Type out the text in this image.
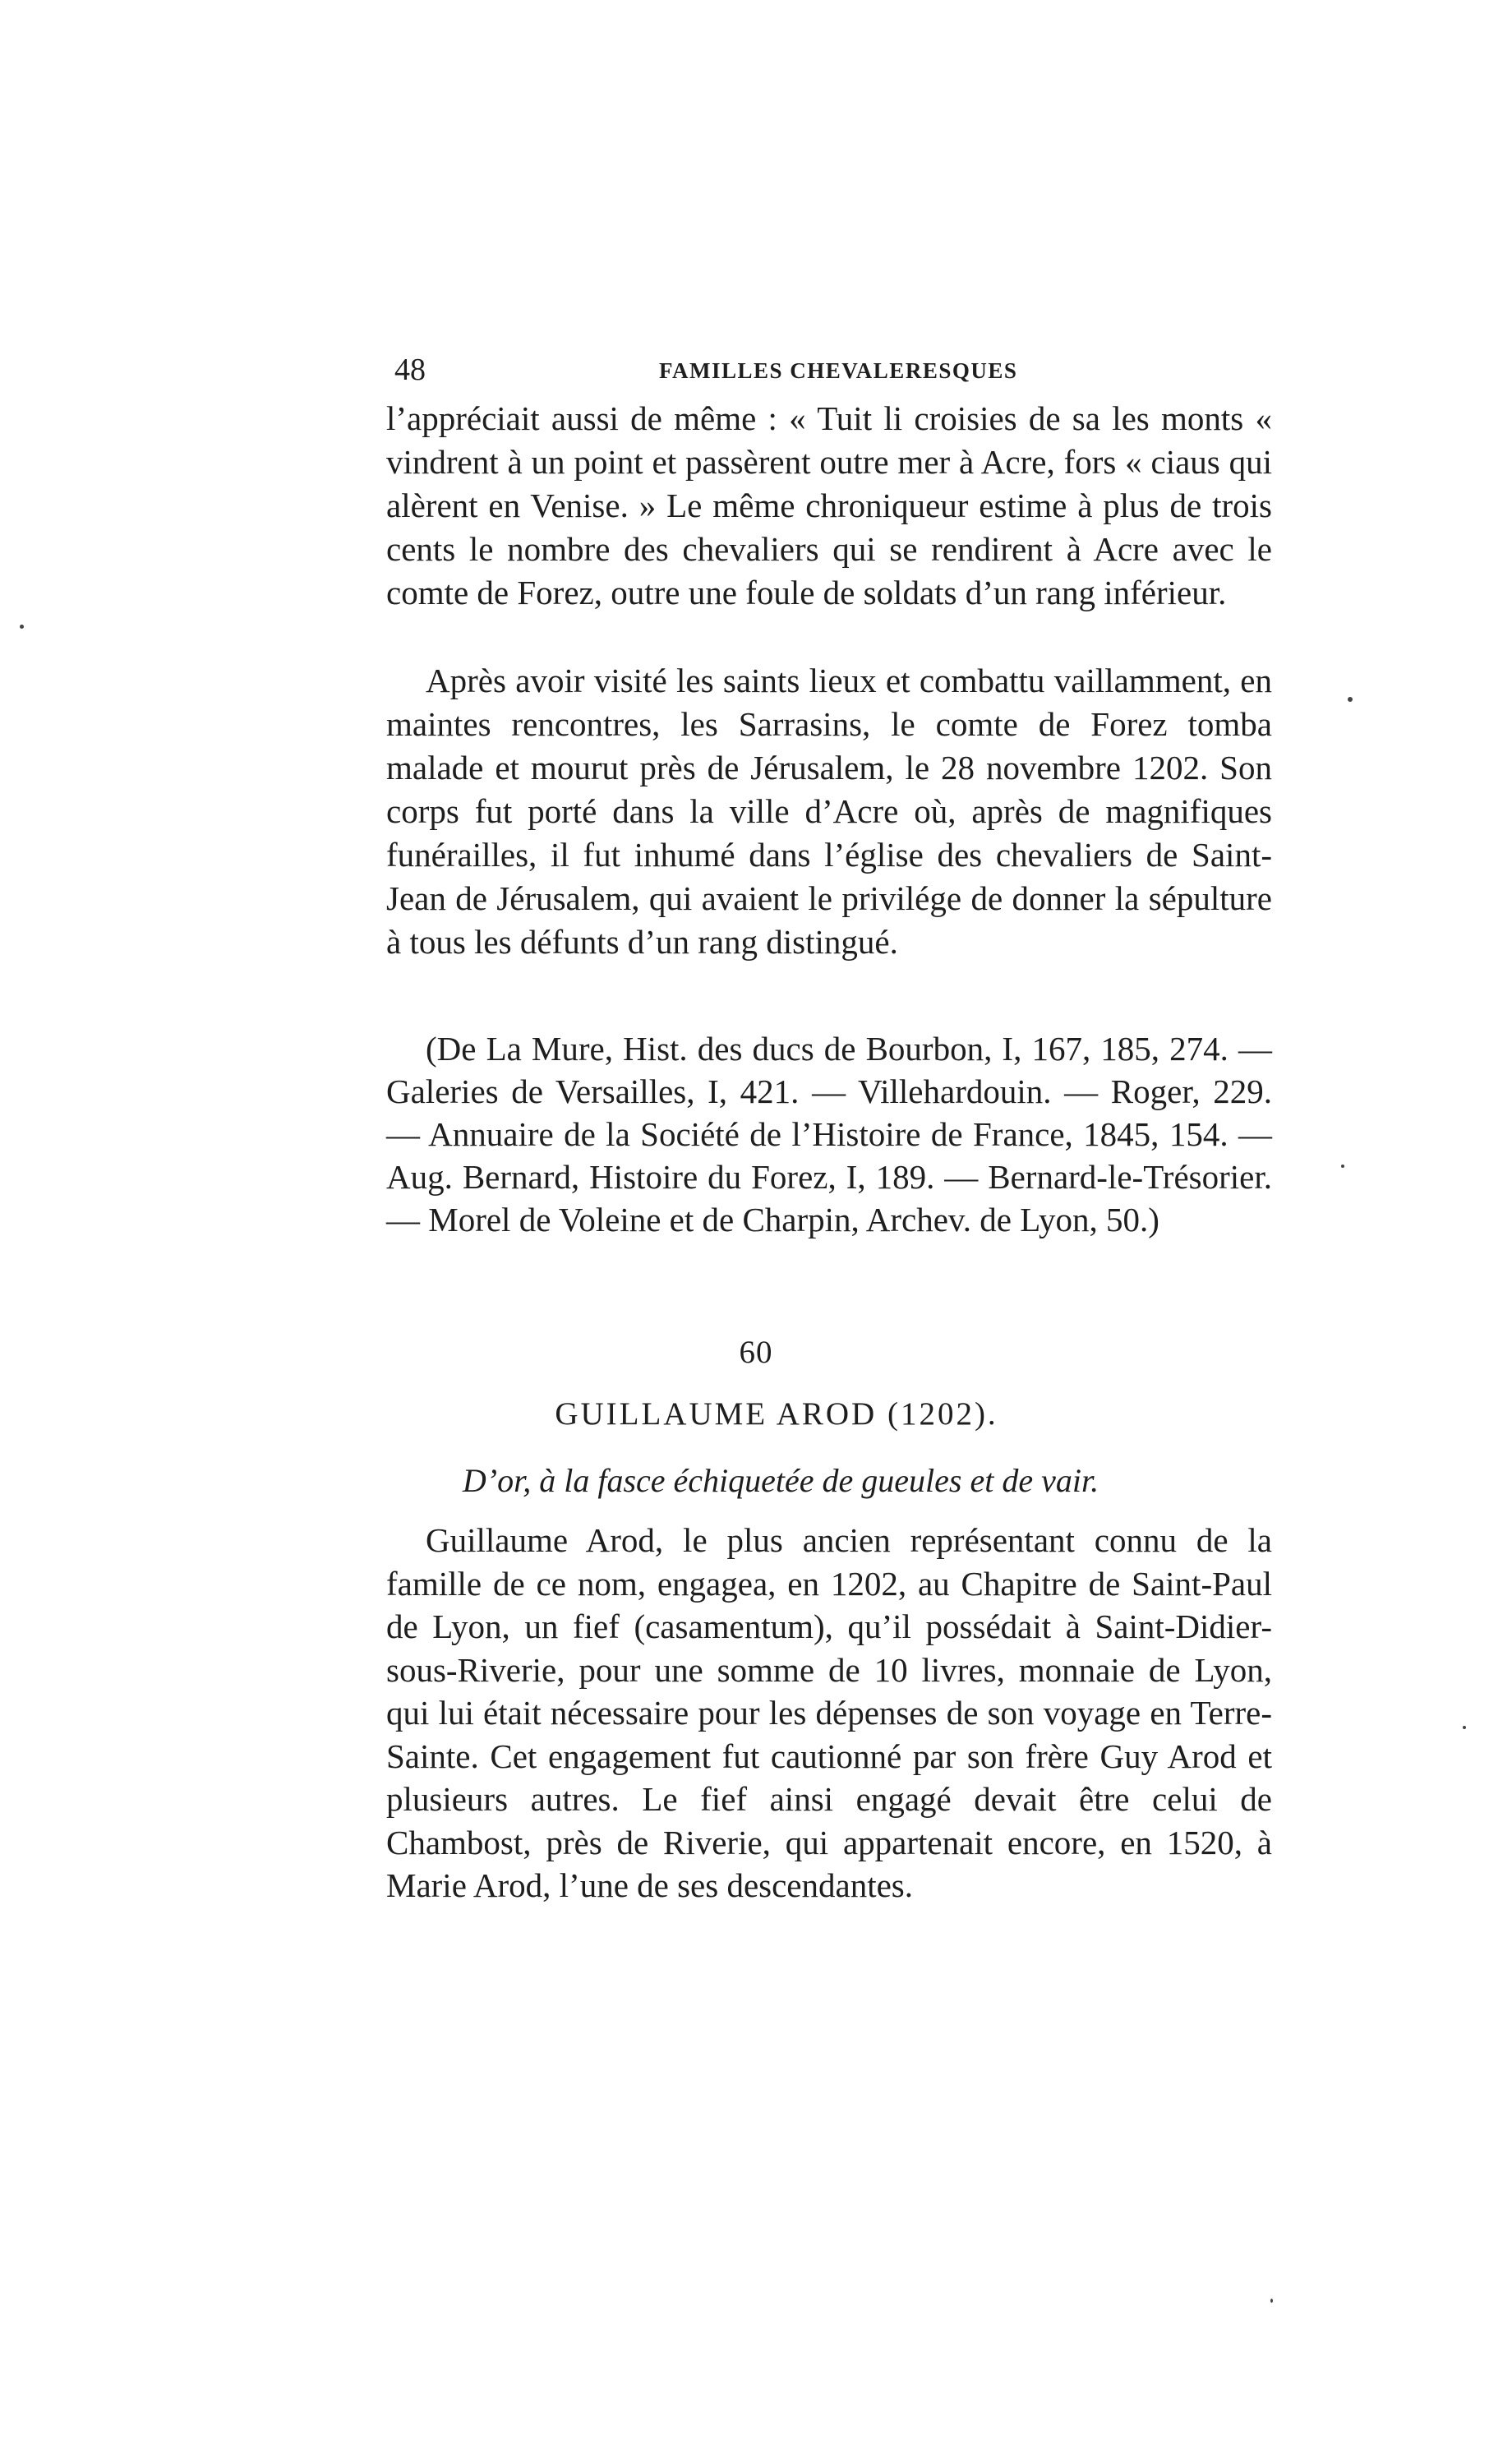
48	FAMILLES CHEVALERESQUES

l’appréciait aussi de même : « Tuit li croisies de sa les monts « vindrent à un point et passèrent outre mer à Acre, fors « ciaus qui alèrent en Venise. » Le même chroniqueur estime à plus de trois cents le nombre des chevaliers qui se rendirent à Acre avec le comte de Forez, outre une foule de soldats d’un rang inférieur.

Après avoir visité les saints lieux et combattu vaillamment, en maintes rencontres, les Sarrasins, le comte de Forez tomba malade et mourut près de Jérusalem, le 28 novembre 1202. Son corps fut porté dans la ville d’Acre où, après de magnifiques funérailles, il fut inhumé dans l’église des chevaliers de Saint-Jean de Jérusalem, qui avaient le privilége de donner la sépulture à tous les défunts d’un rang distingué.

(De La Mure, Hist. des ducs de Bourbon, I, 167, 185, 274. — Galeries de Versailles, I, 421. — Villehardouin. — Roger, 229. — Annuaire de la Société de l’Histoire de France, 1845, 154. — Aug. Bernard, Histoire du Forez, I, 189. — Bernard-le-Trésorier. — Morel de Voleine et de Charpin, Archev. de Lyon, 50.)

60
GUILLAUME AROD (1202).
D’or, à la fasce échiquetée de gueules et de vair.

Guillaume Arod, le plus ancien représentant connu de la famille de ce nom, engagea, en 1202, au Chapitre de Saint-Paul de Lyon, un fief (casamentum), qu’il possédait à Saint-Didier-sous-Riverie, pour une somme de 10 livres, monnaie de Lyon, qui lui était nécessaire pour les dépenses de son voyage en Terre-Sainte. Cet engagement fut cautionné par son frère Guy Arod et plusieurs autres. Le fief ainsi engagé devait être celui de Chambost, près de Riverie, qui appartenait encore, en 1520, à Marie Arod, l’une de ses descendantes.
